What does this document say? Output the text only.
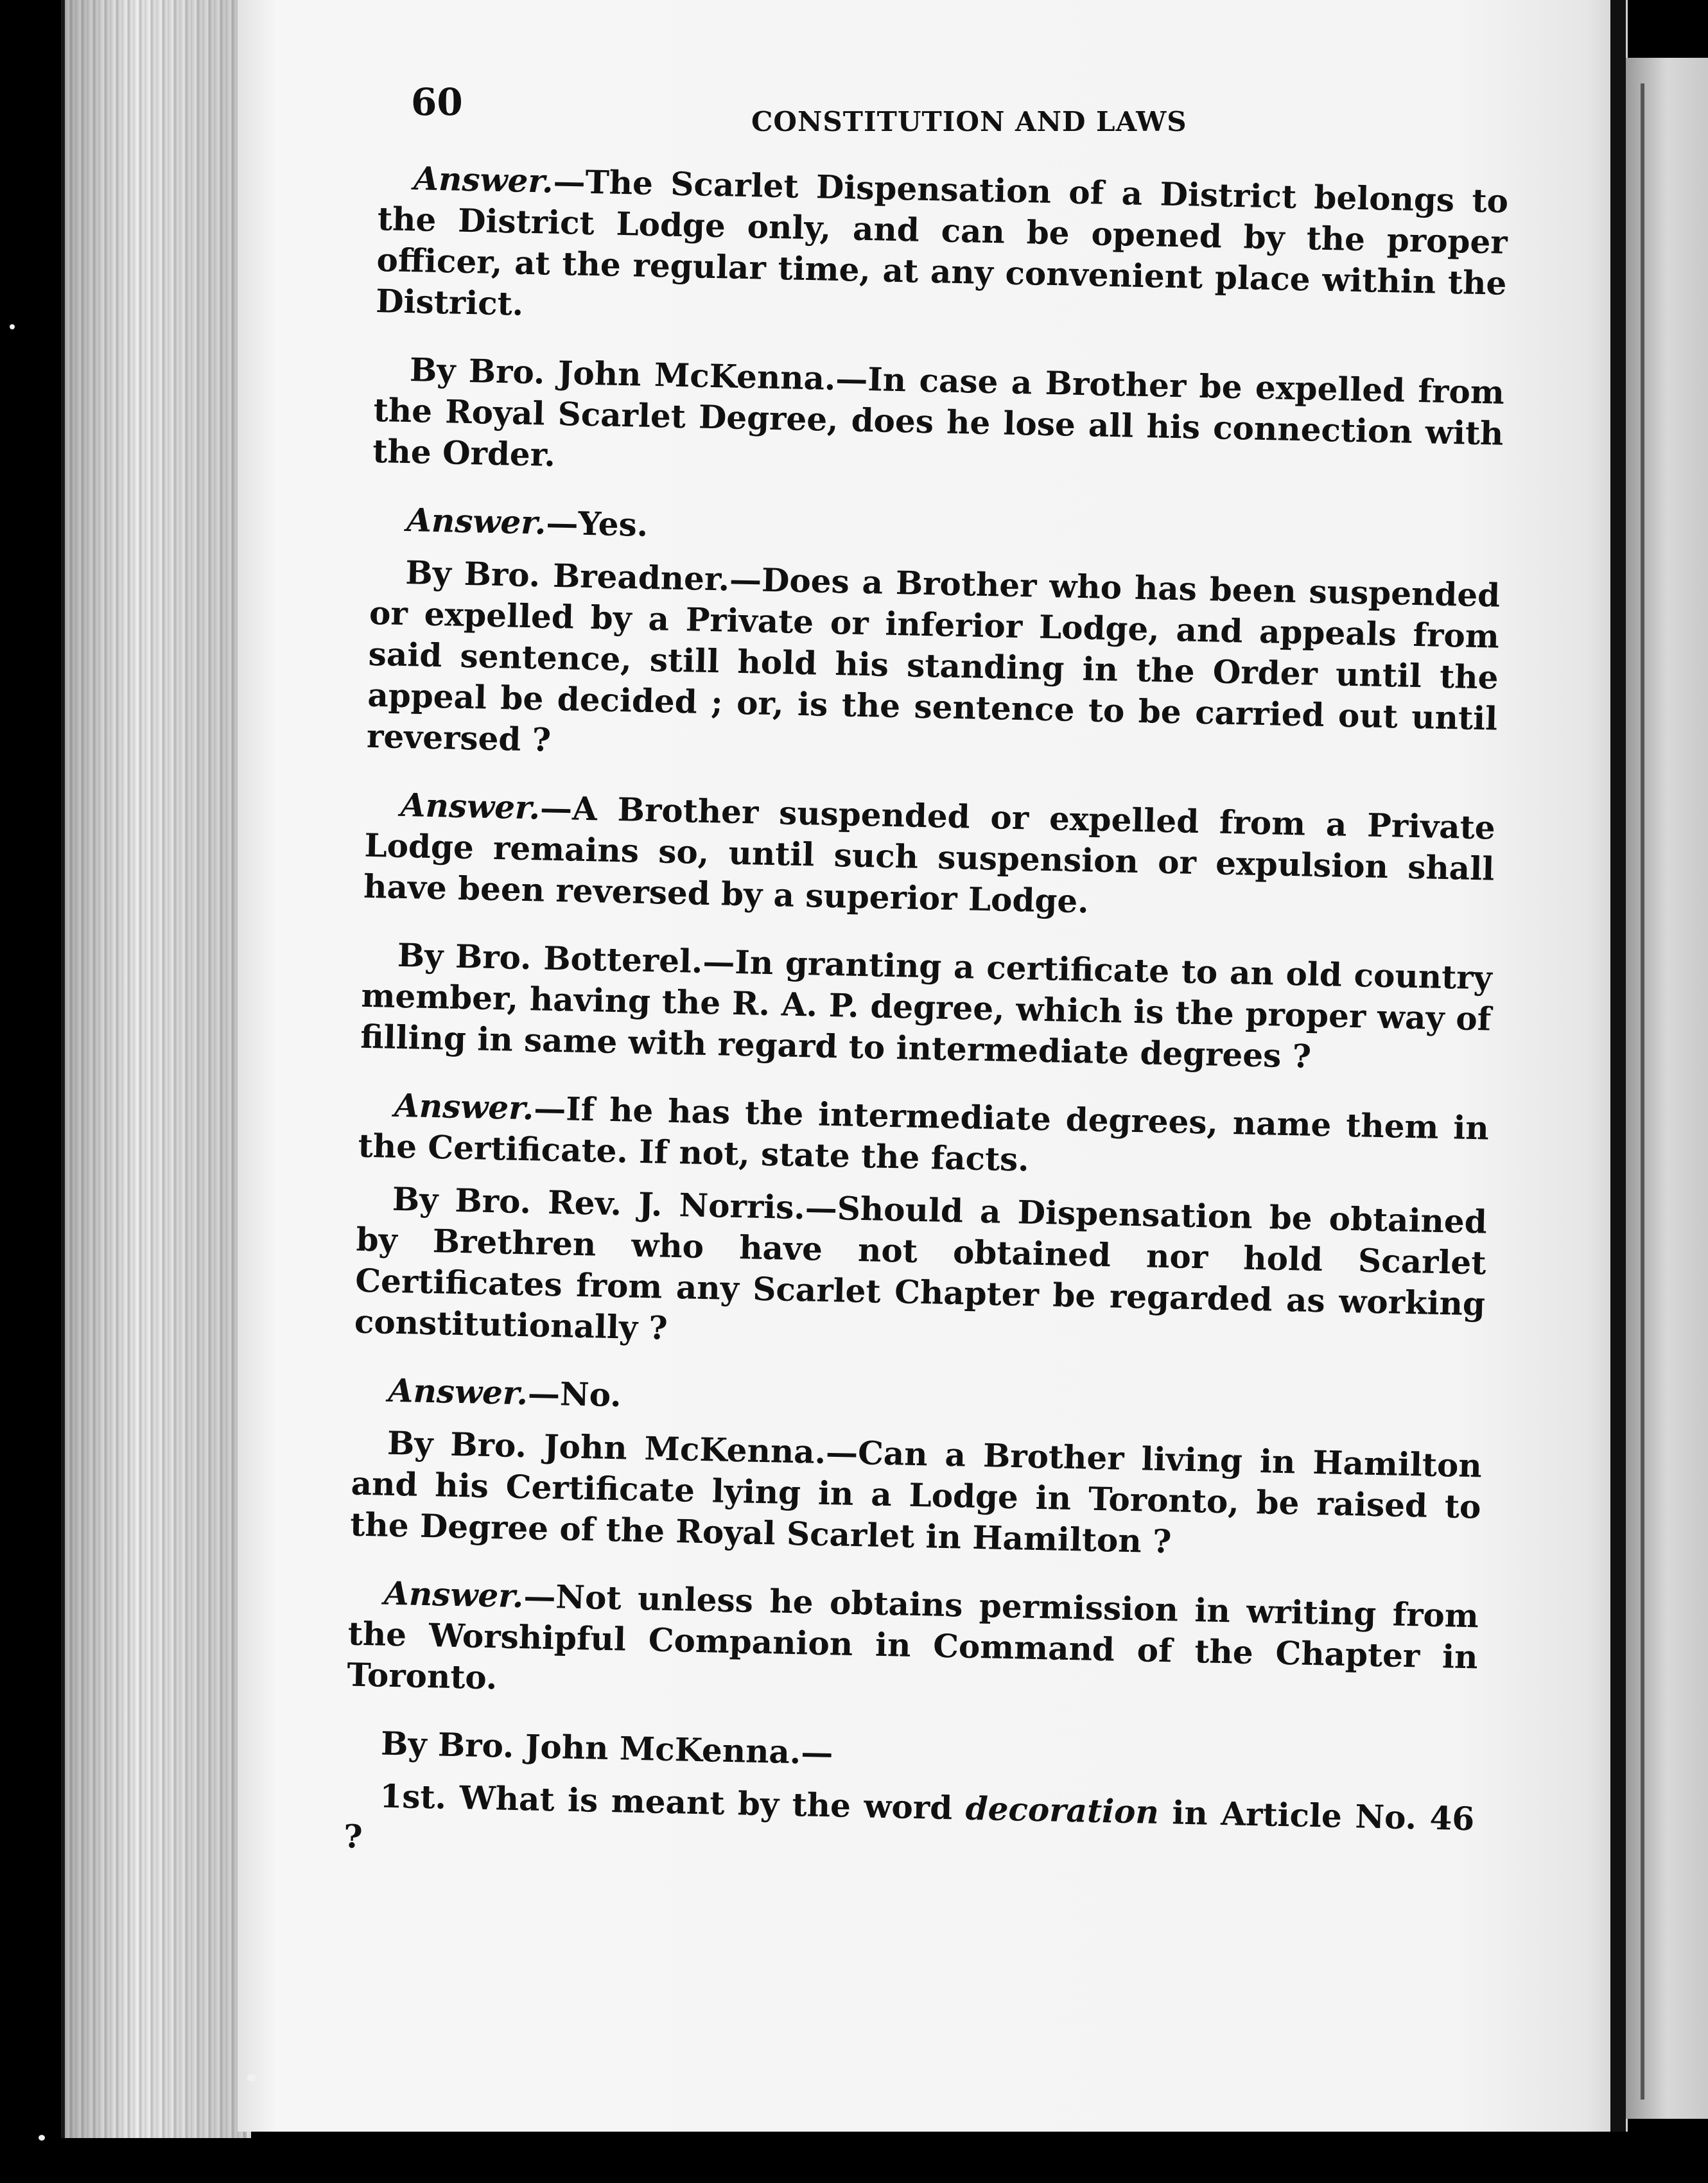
60	CONSTITUTION AND LAWS

Answer.—The Scarlet Dispensation of a District belongs to the District Lodge only, and can be opened by the proper officer, at the regular time, at any convenient place within the District.

By Bro. John McKenna.—In case a Brother be expelled from the Royal Scarlet Degree, does he lose all his connection with the Order.

Answer.—Yes.

By Bro. Breadner.—Does a Brother who has been suspended or expelled by a Private or inferior Lodge, and appeals from said sentence, still hold his standing in the Order until the appeal be decided ; or, is the sentence to be carried out until reversed ?

Answer.—A Brother suspended or expelled from a Private Lodge remains so, until such suspension or expulsion shall have been reversed by a superior Lodge.

By Bro. Botterel.—In granting a certificate to an old country member, having the R. A. P. degree, which is the proper way of filling in same with regard to intermediate degrees ?

Answer.—If he has the intermediate degrees, name them in the Certificate. If not, state the facts.

By Bro. Rev. J. Norris.—Should a Dispensation be obtained by Brethren who have not obtained nor hold Scarlet Certificates from any Scarlet Chapter be regarded as working constitutionally ?

Answer.—No.

By Bro. John McKenna.—Can a Brother living in Hamilton and his Certificate lying in a Lodge in Toronto, be raised to the Degree of the Royal Scarlet in Hamilton ?

Answer.—Not unless he obtains permission in writing from the Worshipful Companion in Command of the Chapter in Toronto.

By Bro. John McKenna.—

1st. What is meant by the word decoration in Article No. 46 ?
